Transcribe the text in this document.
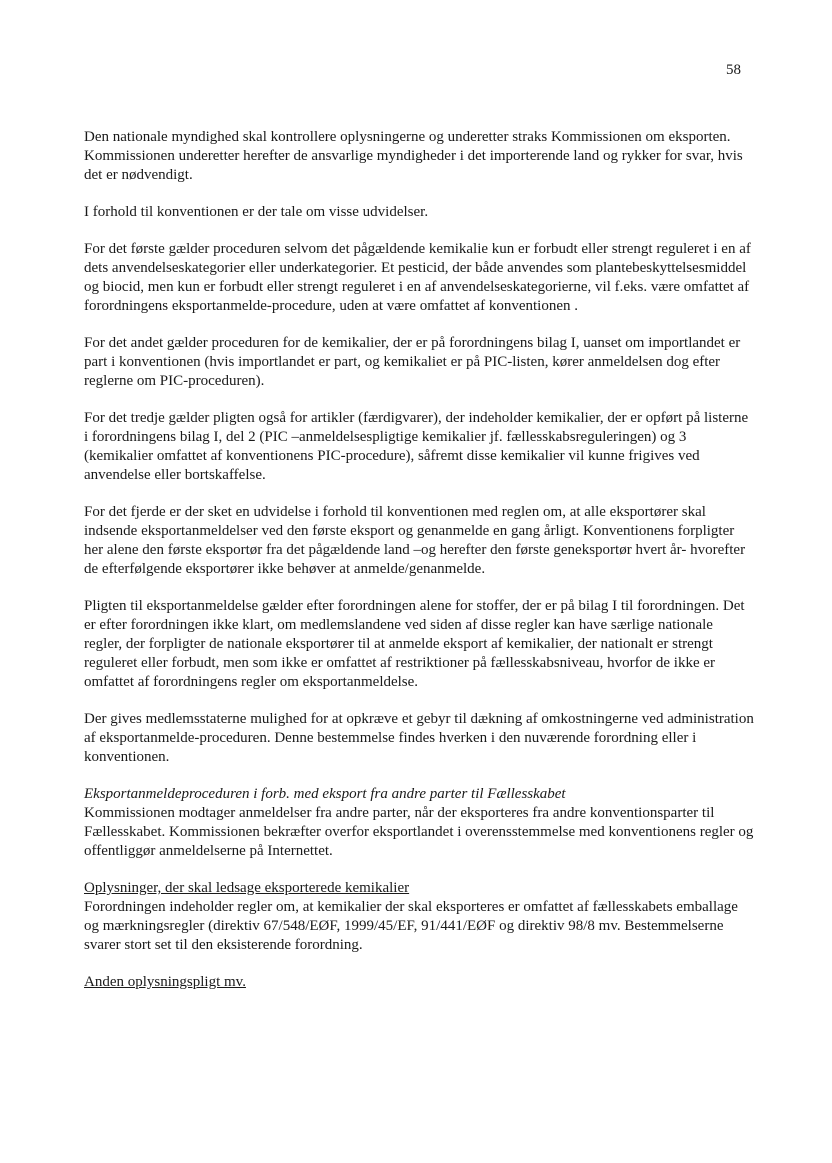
58

Den nationale myndighed skal kontrollere oplysningerne og underetter straks Kommissionen om eksporten. Kommissionen underetter herefter de ansvarlige myndigheder i det importerende land og rykker for svar, hvis det er nødvendigt.

I forhold til konventionen er der tale om visse udvidelser.

For det første gælder proceduren selvom det pågældende kemikalie kun er forbudt eller strengt reguleret i en af dets anvendelseskategorier eller underkategorier. Et pesticid, der både anvendes som plantebeskyttelsesmiddel og biocid, men kun er forbudt eller strengt reguleret i en af anvendelseskategorierne, vil f.eks. være omfattet af forordningens eksportanmelde-procedure, uden at være omfattet af konventionen .

For det andet gælder proceduren for de kemikalier, der er på forordningens bilag I, uanset om importlandet er part i konventionen (hvis importlandet er part, og kemikaliet er på PIC-listen, kører anmeldelsen dog efter reglerne om PIC-proceduren).

For det tredje gælder pligten også for artikler (færdigvarer), der indeholder kemikalier, der er opført på listerne i forordningens bilag I, del 2 (PIC –anmeldelsespligtige kemikalier jf. fællesskabsreguleringen) og 3 (kemikalier omfattet af konventionens PIC-procedure), såfremt disse kemikalier vil kunne frigives ved anvendelse eller bortskaffelse.

For det fjerde er der sket en udvidelse i forhold til konventionen med reglen om, at alle eksportører skal indsende eksportanmeldelser ved den første eksport og genanmelde en gang årligt. Konventionens forpligter her alene den første eksportør fra det pågældende land –og herefter den første geneksportør hvert år- hvorefter de efterfølgende eksportører ikke behøver at anmelde/genanmelde.

Pligten til eksportanmeldelse gælder efter forordningen alene for stoffer, der er på bilag I til forordningen. Det er efter forordningen ikke klart, om medlemslandene ved siden af disse regler kan have særlige nationale regler, der forpligter de nationale eksportører til at anmelde eksport af kemikalier, der nationalt er strengt reguleret eller forbudt, men som ikke er omfattet af restriktioner på fællesskabsniveau, hvorfor de ikke er omfattet af forordningens regler om eksportanmeldelse.

Der gives medlemsstaterne mulighed for at opkræve et gebyr til dækning af omkostningerne ved administration af eksportanmelde-proceduren. Denne bestemmelse findes hverken i den nuværende forordning eller i konventionen.

Eksportanmeldeproceduren i forb. med eksport fra andre parter til Fællesskabet

Kommissionen modtager anmeldelser fra andre parter, når der eksporteres fra andre konventionsparter til Fællesskabet. Kommissionen bekræfter overfor eksportlandet i overensstemmelse med konventionens regler og offentliggør anmeldelserne på Internettet.

Oplysninger, der skal ledsage eksporterede kemikalier

Forordningen indeholder regler om, at kemikalier der skal eksporteres er omfattet af fællesskabets emballage og mærkningsregler (direktiv 67/548/EØF, 1999/45/EF, 91/441/EØF og direktiv 98/8 mv. Bestemmelserne svarer stort set til den eksisterende forordning.

Anden oplysningspligt mv.
